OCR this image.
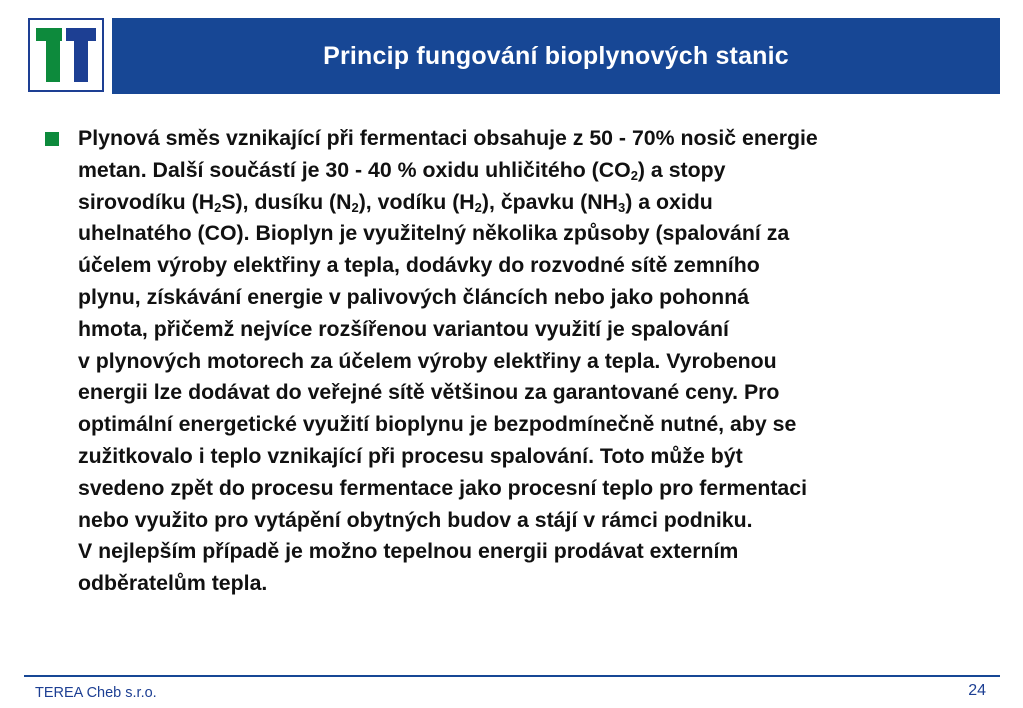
Princip fungování bioplynových stanic
Plynová směs vznikající při fermentaci obsahuje z 50 - 70% nosič energie
metan. Další součástí je 30 - 40 % oxidu uhličitého $(CO_2)$ a stopy
sirovodíku $(H_2S)$, dusíku $(N_2)$, vodíku $(H_2)$, čpavku $(NH_3)$ a oxidu
uhelnatého (CO). Bioplyn je využitelný několika způsoby (spalování za
účelem výroby elektřiny a tepla, dodávky do rozvodné sítě zemního
plynu, získávání energie v palivových článcích nebo jako pohonná
hmota, přičemž nejvíce rozšířenou variantou využití je spalování
v plynových motorech za účelem výroby elektřiny a tepla. Vyrobenou
energii lze dodávat do veřejné sítě většinou za garantované ceny. Pro
optimální energetické využití bioplynu je bezpodmínečně nutné, aby se
zužitkovalo i teplo vznikající při procesu spalování. Toto může být
svedeno zpět do procesu fermentace jako procesní teplo pro fermentaci
nebo využito pro vytápění obytných budov a stájí v rámci podniku.
V nejlepším případě je možno tepelnou energii prodávat externím
odběratelům tepla.
TEREA Cheb s.r.o.	24
